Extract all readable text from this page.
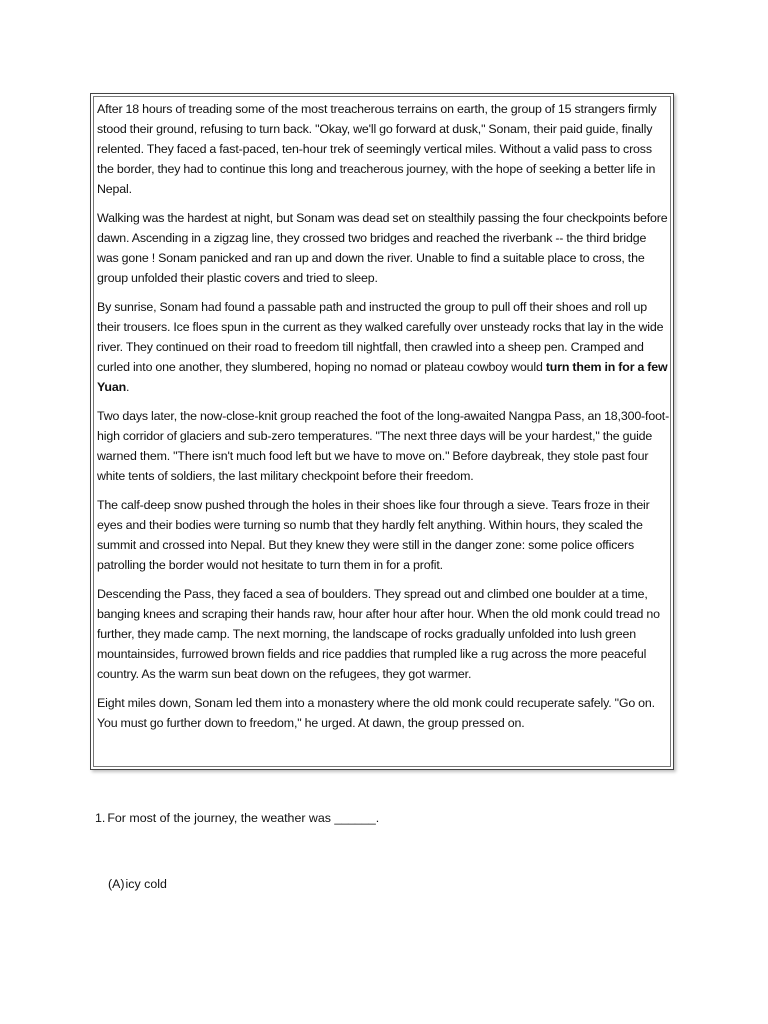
After 18 hours of treading some of the most treacherous terrains on earth, the group of 15 strangers firmly stood their ground, refusing to turn back. "Okay, we'll go forward at dusk," Sonam, their paid guide, finally relented. They faced a fast-paced, ten-hour trek of seemingly vertical miles. Without a valid pass to cross the border, they had to continue this long and treacherous journey, with the hope of seeking a better life in Nepal.

Walking was the hardest at night, but Sonam was dead set on stealthily passing the four checkpoints before dawn. Ascending in a zigzag line, they crossed two bridges and reached the riverbank -- the third bridge was gone ! Sonam panicked and ran up and down the river. Unable to find a suitable place to cross, the group unfolded their plastic covers and tried to sleep.

By sunrise, Sonam had found a passable path and instructed the group to pull off their shoes and roll up their trousers. Ice floes spun in the current as they walked carefully over unsteady rocks that lay in the wide river. They continued on their road to freedom till nightfall, then crawled into a sheep pen. Cramped and curled into one another, they slumbered, hoping no nomad or plateau cowboy would turn them in for a few Yuan.

Two days later, the now-close-knit group reached the foot of the long-awaited Nangpa Pass, an 18,300-foot-high corridor of glaciers and sub-zero temperatures. "The next three days will be your hardest," the guide warned them. "There isn't much food left but we have to move on." Before daybreak, they stole past four white tents of soldiers, the last military checkpoint before their freedom.

The calf-deep snow pushed through the holes in their shoes like four through a sieve. Tears froze in their eyes and their bodies were turning so numb that they hardly felt anything. Within hours, they scaled the summit and crossed into Nepal. But they knew they were still in the danger zone: some police officers patrolling the border would not hesitate to turn them in for a profit.

Descending the Pass, they faced a sea of boulders. They spread out and climbed one boulder at a time, banging knees and scraping their hands raw, hour after hour after hour. When the old monk could tread no further, they made camp. The next morning, the landscape of rocks gradually unfolded into lush green mountainsides, furrowed brown fields and rice paddies that rumpled like a rug across the more peaceful country. As the warm sun beat down on the refugees, they got warmer.

Eight miles down, Sonam led them into a monastery where the old monk could recuperate safely. "Go on. You must go further down to freedom," he urged. At dawn, the group pressed on.

1. For most of the journey, the weather was ______.
(A)icy cold
